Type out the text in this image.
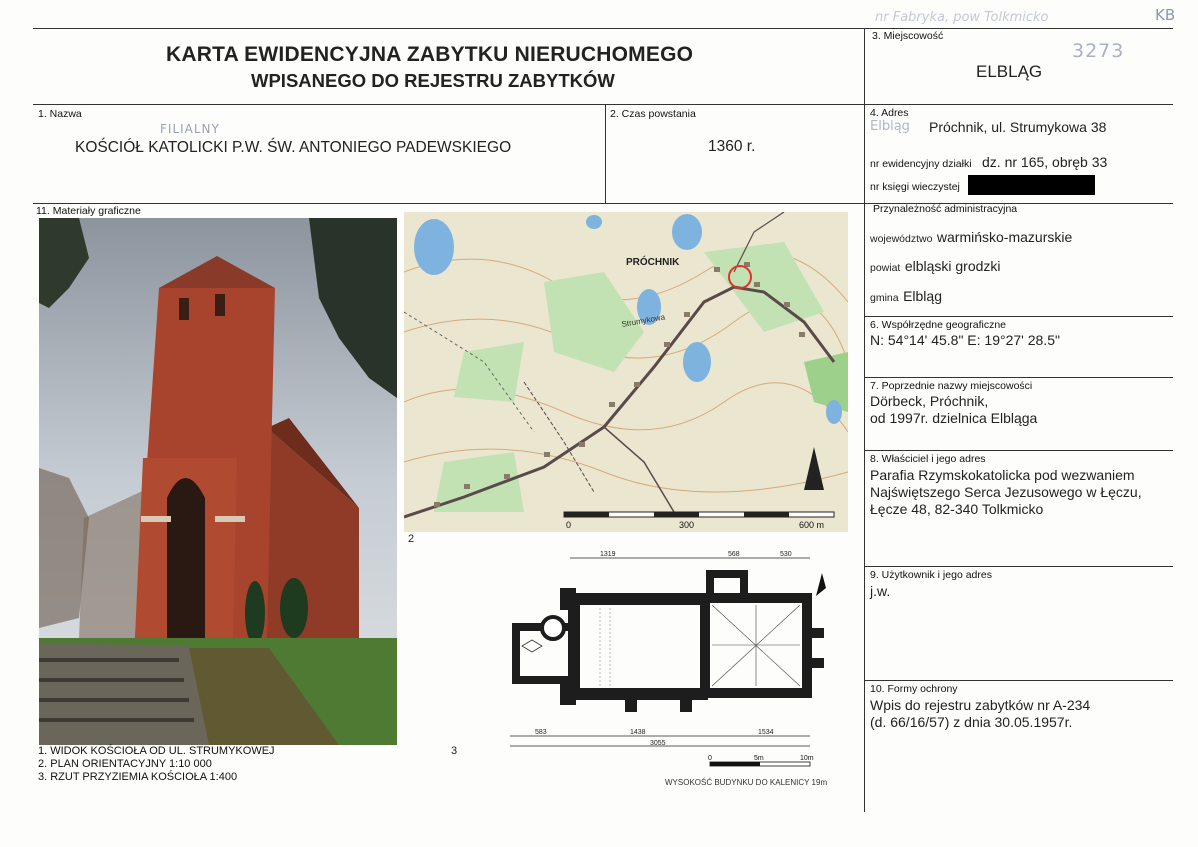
KARTA EWIDENCYJNA ZABYTKU NIERUCHOMEGO
WPISANEGO DO REJESTRU ZABYTKÓW
KB
nr Fabryka, pow Tolkmicko
3273
3. Miejscowość
ELBLĄG
1. Nazwa
FILIALNY
KOŚCIÓŁ KATOLICKI P.W. ŚW. ANTONIEGO PADEWSKIEGO
2. Czas powstania
1360 r.
4. Adres
Elbląg Próchnik, ul. Strumykowa 38
nr ewidencyjny działki dz. nr 165, obręb 33
nr księgi wieczystej
Przynależność administracyjna
województwo warmińsko-mazurskie
powiat elbląski grodzki
gmina Elbląg
6. Współrzędne geograficzne
N: 54°14' 45.8" E: 19°27' 28.5"
7. Poprzednie nazwy miejscowości
Dörbeck, Próchnik,
od 1997r. dzielnica Elbląga
8. Właściciel i jego adres
Parafia Rzymskokatolicka pod wezwaniem
Najświętszego Serca Jezusowego w Łęczu,
Łęcze 48, 82-340 Tolkmicko
9. Użytkownik i jego adres
j.w.
10. Formy ochrony
Wpis do rejestru zabytków nr A-234
(d. 66/16/57) z dnia 30.05.1957r.
11. Materiały graficzne
PRÓCHNIK
Strumykowa
0	300	600 m
2
1319	568	530
583	1438	1534
3055
0	5m	10m
WYSOKOŚĆ BUDYNKU DO KALENICY 19m
3
1. WIDOK KOŚCIOŁA OD UL. STRUMYKOWEJ
2. PLAN ORIENTACYJNY 1:10 000
3. RZUT PRZYZIEMIA KOŚCIOŁA 1:400
